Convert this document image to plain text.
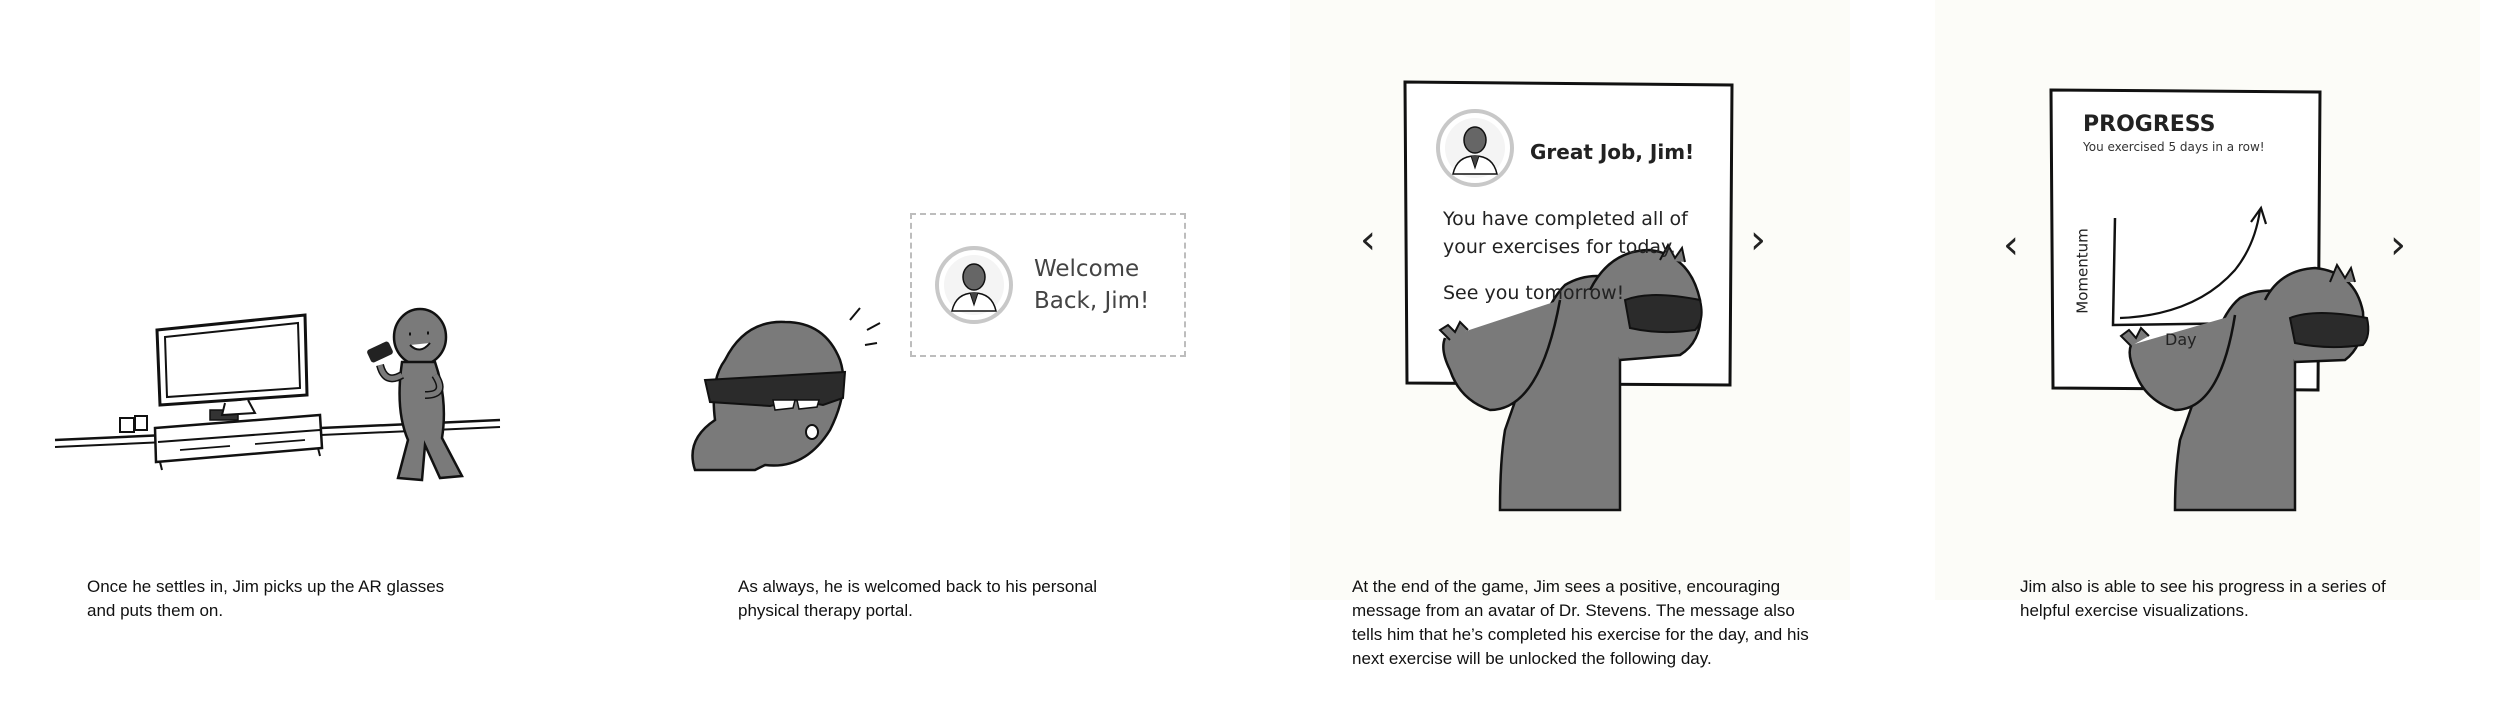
Once he settles in, Jim picks up the AR glasses
and puts them on.
Welcome
Back, Jim!
As always, he is welcomed back to his personal
physical therapy portal.
Great Job, Jim!
You have completed all of
your exercises for today.
See you tomorrow!
‹	›
At the end of the game, Jim sees a positive, encouraging
message from an avatar of Dr. Stevens. The message also
tells him that he’s completed his exercise for the day, and his
next exercise will be unlocked the following day.
PROGRESS
You exercised 5 days in a row!
Momentum
Day
‹	›
Jim also is able to see his progress in a series of
helpful exercise visualizations.
